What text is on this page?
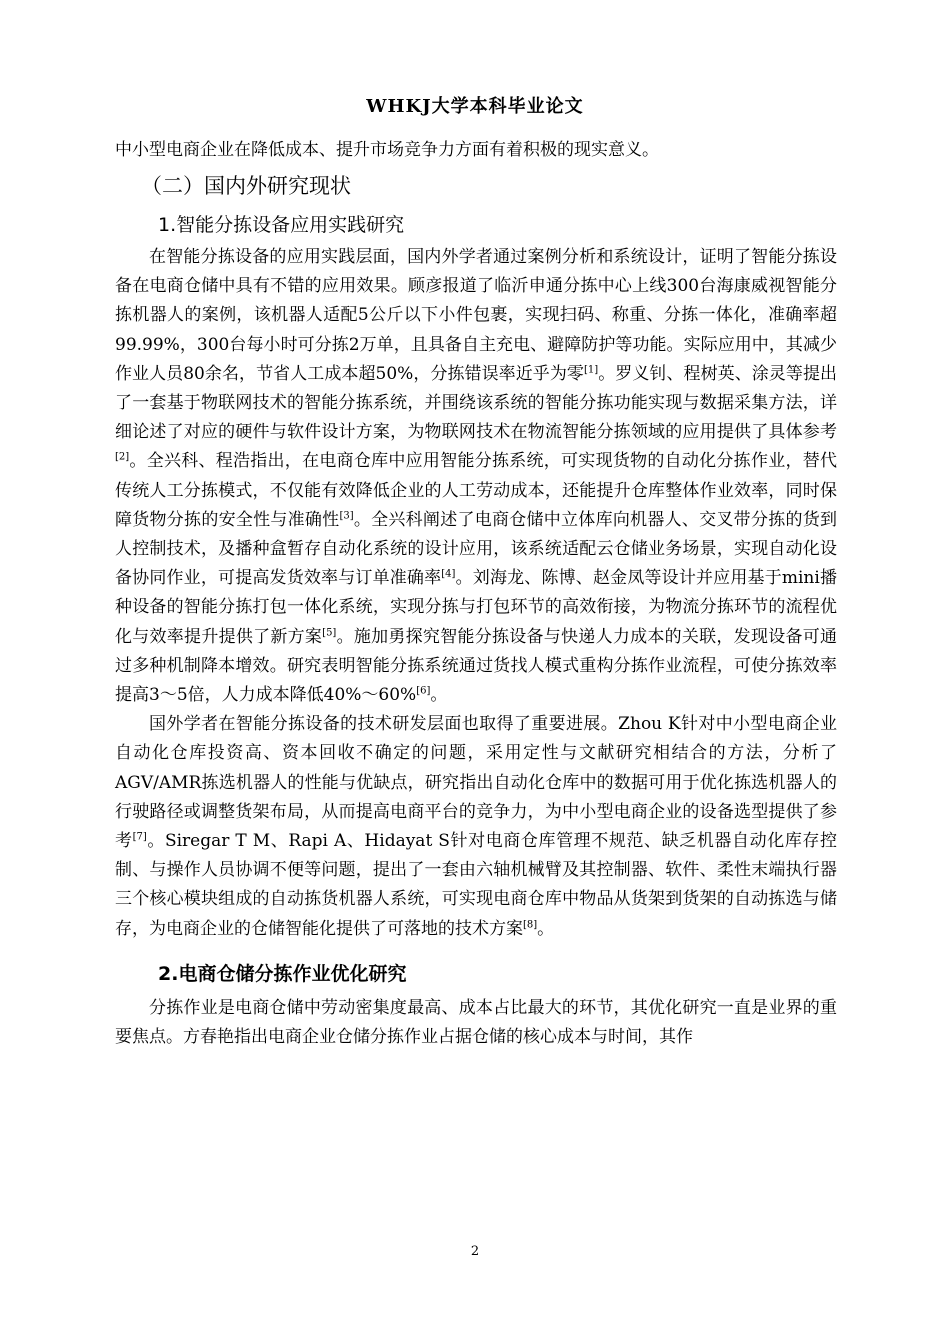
WHKJ大学本科毕业论文

中小型电商企业在降低成本、提升市场竞争力方面有着积极的现实意义。

（二）国内外研究现状
1.智能分拣设备应用实践研究

在智能分拣设备的应用实践层面，国内外学者通过案例分析和系统设计，证明了智能分拣设备在电商仓储中具有不错的应用效果。顾彦报道了临沂申通分拣中心上线300台海康威视智能分拣机器人的案例，该机器人适配5公斤以下小件包裹，实现扫码、称重、分拣一体化，准确率超99.99%，300台每小时可分拣2万单，且具备自主充电、避障防护等功能。实际应用中，其减少作业人员80余名，节省人工成本超50%，分拣错误率近乎为零[1]。罗义钊、程树英、涂灵等提出了一套基于物联网技术的智能分拣系统，并围绕该系统的智能分拣功能实现与数据采集方法，详细论述了对应的硬件与软件设计方案，为物联网技术在物流智能分拣领域的应用提供了具体参考[2]。全兴科、程浩指出，在电商仓库中应用智能分拣系统，可实现货物的自动化分拣作业，替代传统人工分拣模式，不仅能有效降低企业的人工劳动成本，还能提升仓库整体作业效率，同时保障货物分拣的安全性与准确性[3]。全兴科阐述了电商仓储中立体库向机器人、交叉带分拣的货到人控制技术，及播种盒暂存自动化系统的设计应用，该系统适配云仓储业务场景，实现自动化设备协同作业，可提高发货效率与订单准确率[4]。刘海龙、陈博、赵金凤等设计并应用基于mini播种设备的智能分拣打包一体化系统，实现分拣与打包环节的高效衔接，为物流分拣环节的流程优化与效率提升提供了新方案[5]。施加勇探究智能分拣设备与快递人力成本的关联，发现设备可通过多种机制降本增效。研究表明智能分拣系统通过货找人模式重构分拣作业流程，可使分拣效率提高3～5倍，人力成本降低40%～60%[6]。

国外学者在智能分拣设备的技术研发层面也取得了重要进展。Zhou K针对中小型电商企业自动化仓库投资高、资本回收不确定的问题，采用定性与文献研究相结合的方法，分析了AGV/AMR拣选机器人的性能与优缺点，研究指出自动化仓库中的数据可用于优化拣选机器人的行驶路径或调整货架布局，从而提高电商平台的竞争力，为中小型电商企业的设备选型提供了参考[7]。Siregar T M、Rapi A、Hidayat S针对电商仓库管理不规范、缺乏机器自动化库存控制、与操作人员协调不便等问题，提出了一套由六轴机械臂及其控制器、软件、柔性末端执行器三个核心模块组成的自动拣货机器人系统，可实现电商仓库中物品从货架到货架的自动拣选与储存，为电商企业的仓储智能化提供了可落地的技术方案[8]。

2.电商仓储分拣作业优化研究

分拣作业是电商仓储中劳动密集度最高、成本占比最大的环节，其优化研究一直是业界的重要焦点。方春艳指出电商企业仓储分拣作业占据仓储的核心成本与时间，其作

2
